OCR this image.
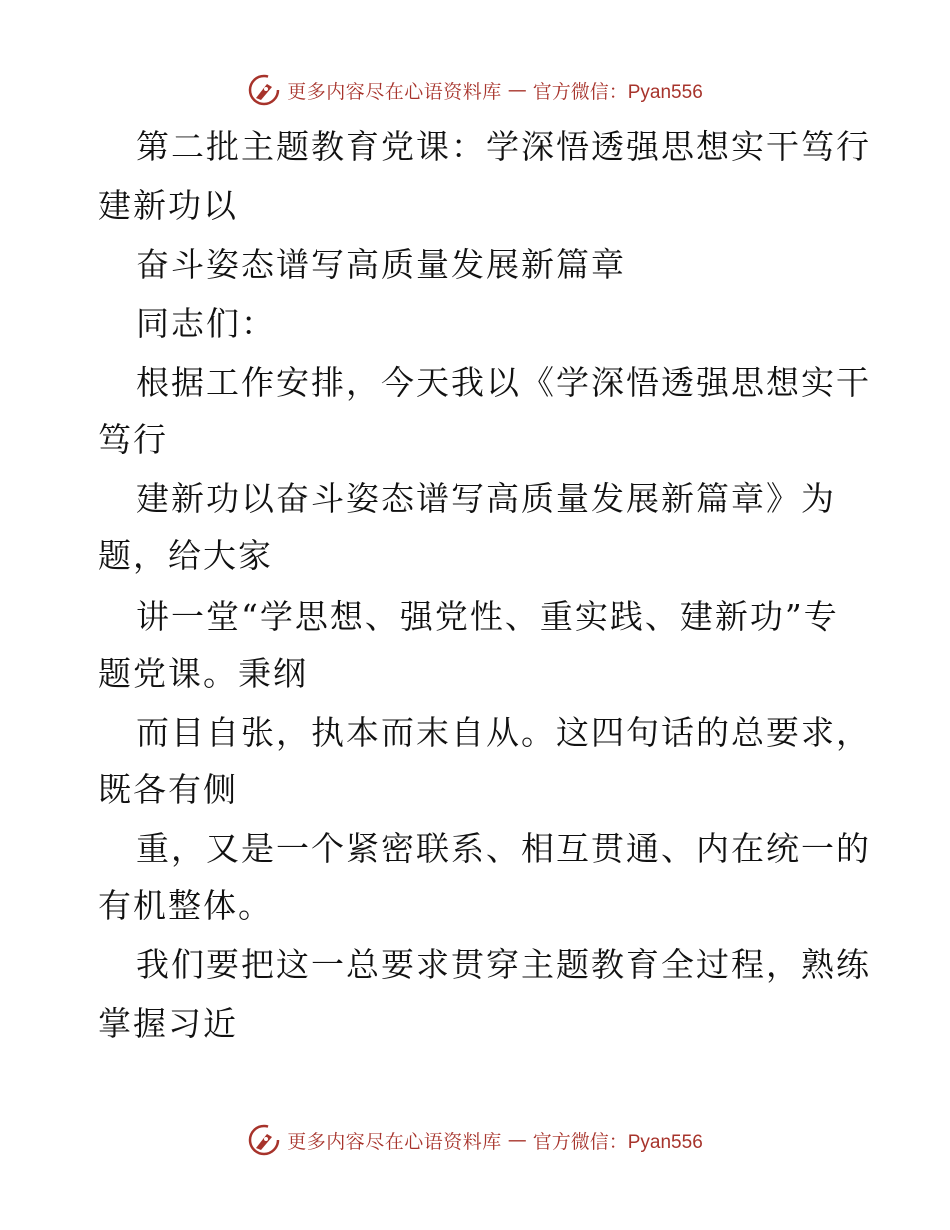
更多内容尽在心语资料库 — 官方微信：Pyan556
第二批主题教育党课：学深悟透强思想实干笃行
建新功以
奋斗姿态谱写高质量发展新篇章
同志们：
根据工作安排，今天我以《学深悟透强思想实干
笃行
建新功以奋斗姿态谱写高质量发展新篇章》为
题，给大家
讲一堂“学思想、强党性、重实践、建新功”专
题党课。秉纲
而目自张，执本而末自从。这四句话的总要求，
既各有侧
重，又是一个紧密联系、相互贯通、内在统一的
有机整体。
我们要把这一总要求贯穿主题教育全过程，熟练
掌握习近
更多内容尽在心语资料库 — 官方微信：Pyan556
